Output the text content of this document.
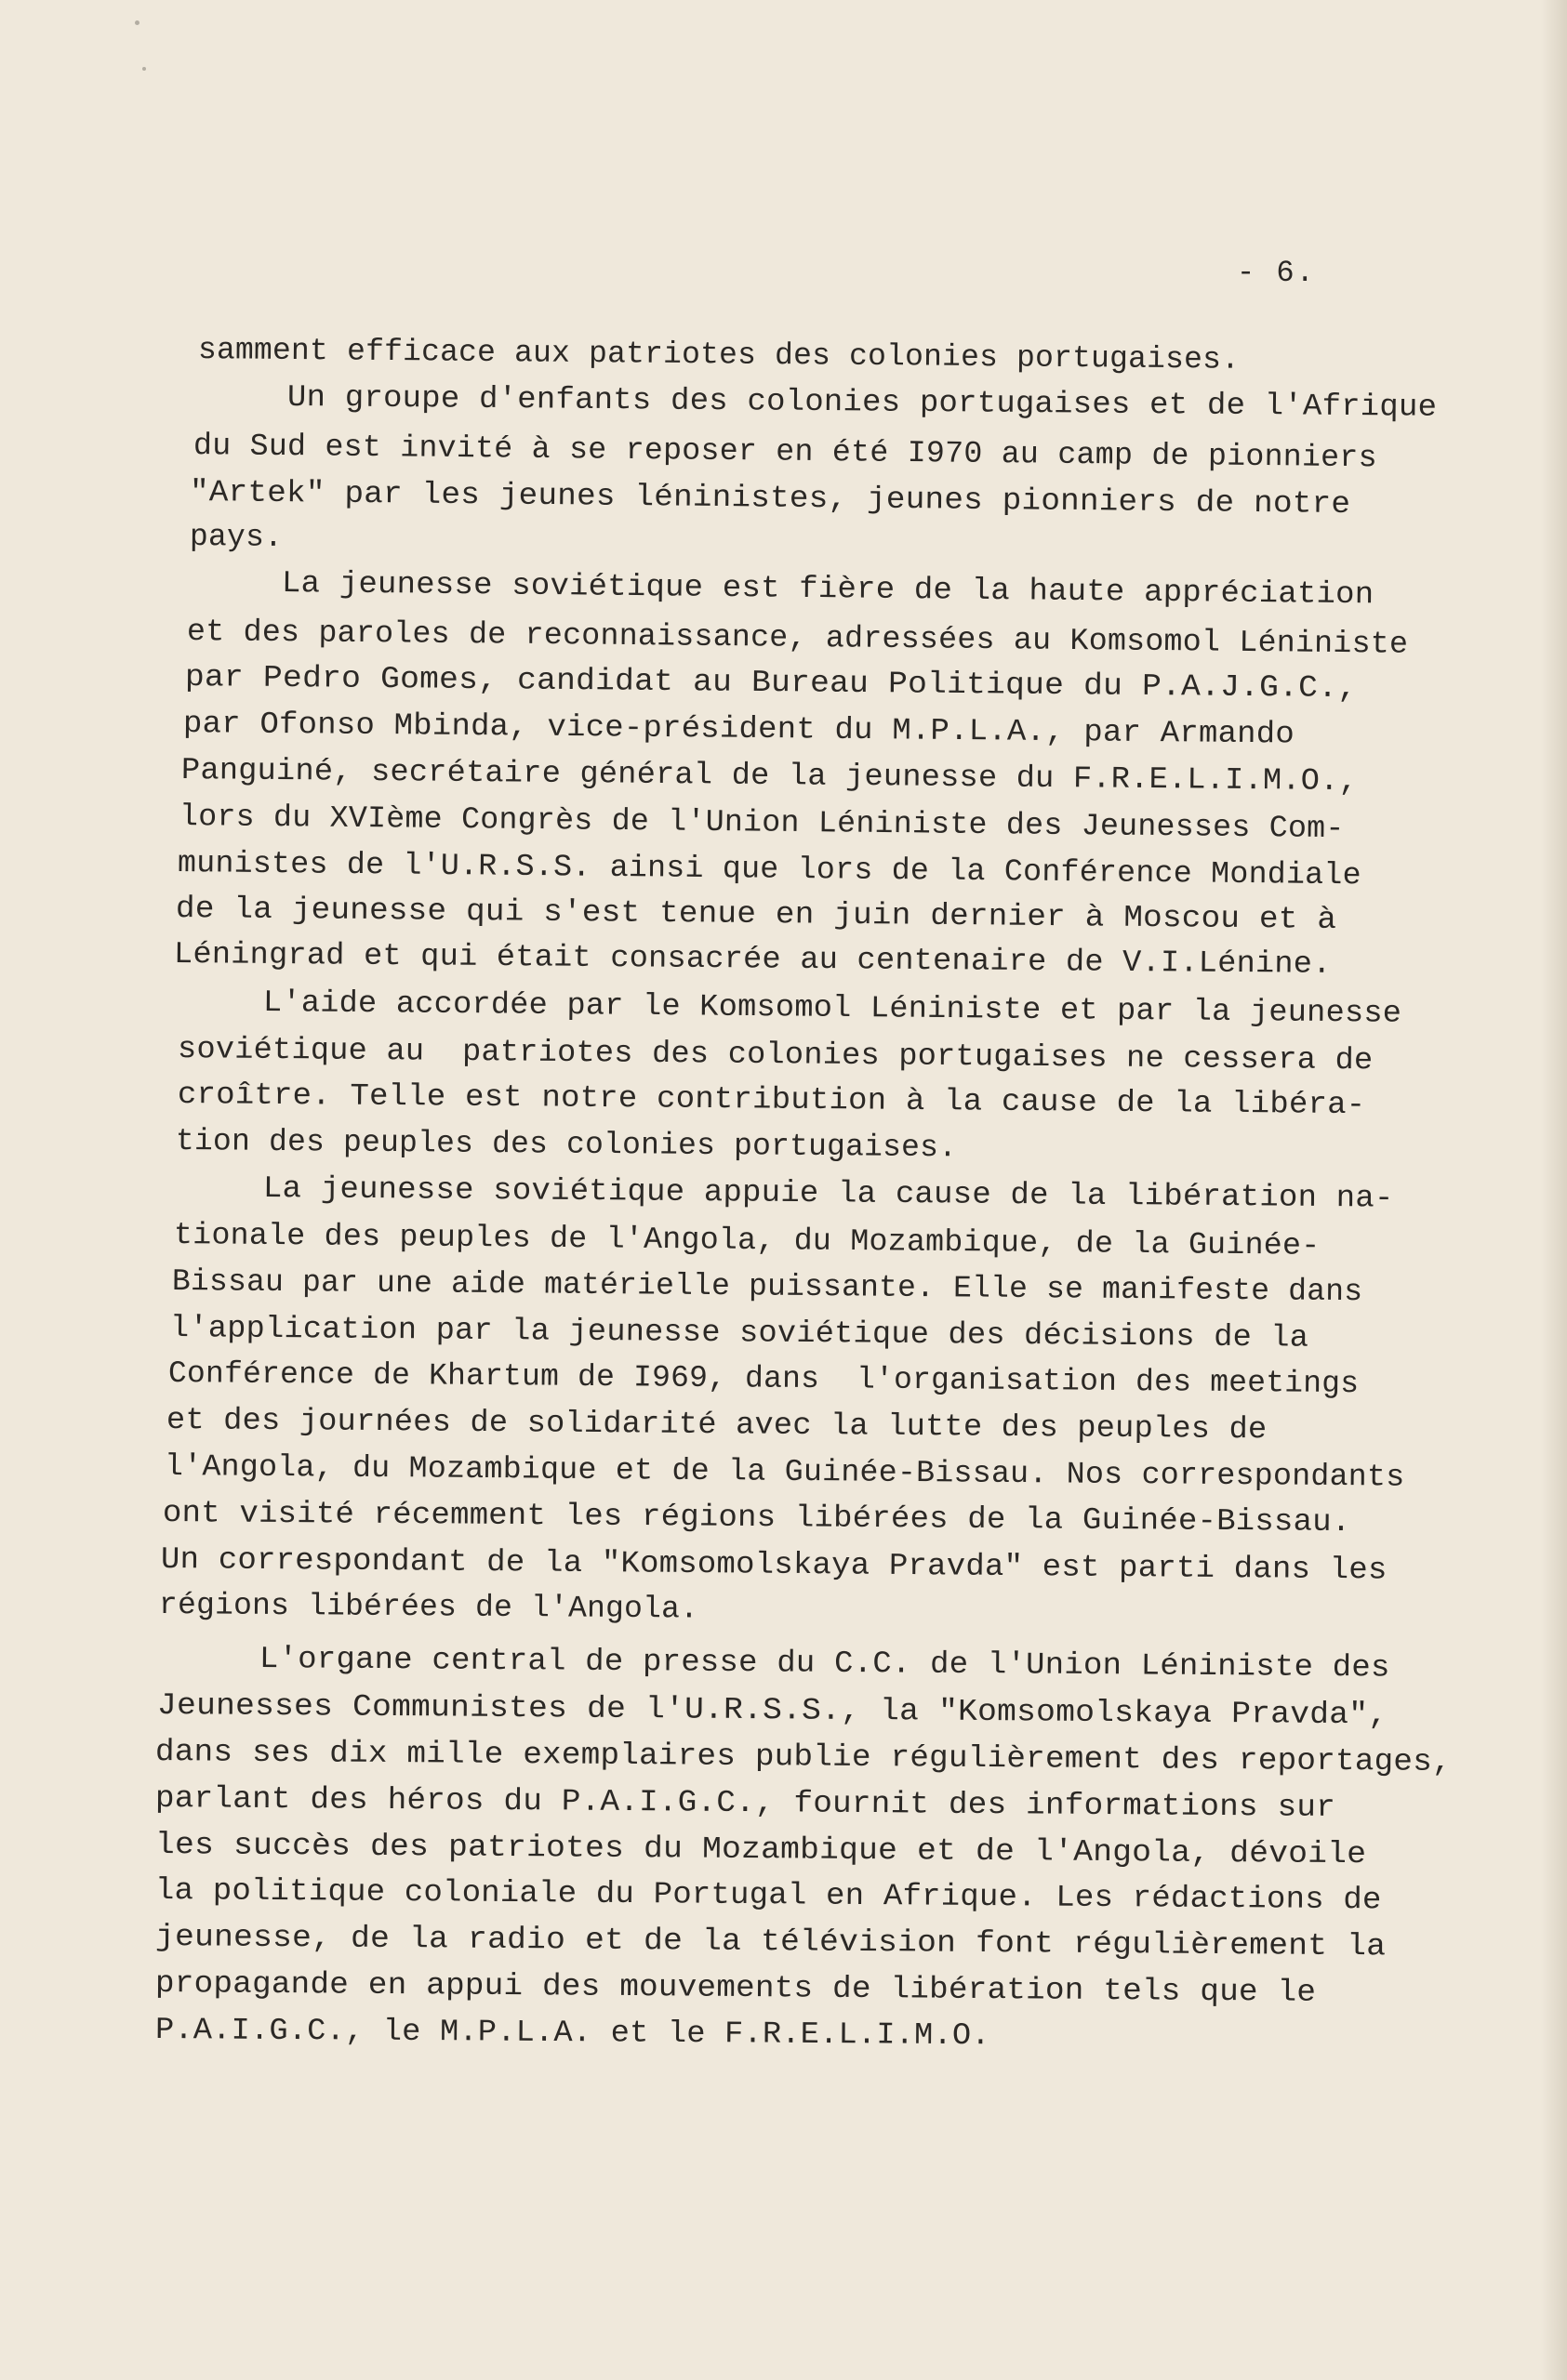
- 6.
samment efficace aux patriotes des colonies portugaises.
Un groupe d'enfants des colonies portugaises et de l'Afrique
du Sud est invité à se reposer en été I970 au camp de pionniers
"Artek" par les jeunes léninistes, jeunes pionniers de notre
pays.
La jeunesse soviétique est fière de la haute appréciation
et des paroles de reconnaissance, adressées au Komsomol Léniniste
par Pedro Gomes, candidat au Bureau Politique du P.A.J.G.C.,
par Ofonso Mbinda, vice-président du M.P.L.A., par Armando
Panguiné, secrétaire général de la jeunesse du F.R.E.L.I.M.O.,
lors du XVIème Congrès de l'Union Léniniste des Jeunesses Com-
munistes de l'U.R.S.S. ainsi que lors de la Conférence Mondiale
de la jeunesse qui s'est tenue en juin dernier à Moscou et à
Léningrad et qui était consacrée au centenaire de V.I.Lénine.
L'aide accordée par le Komsomol Léniniste et par la jeunesse
soviétique au  patriotes des colonies portugaises ne cessera de
croître. Telle est notre contribution à la cause de la libéra-
tion des peuples des colonies portugaises.
La jeunesse soviétique appuie la cause de la libération na-
tionale des peuples de l'Angola, du Mozambique, de la Guinée-
Bissau par une aide matérielle puissante. Elle se manifeste dans
l'application par la jeunesse soviétique des décisions de la
Conférence de Khartum de I969, dans  l'organisation des meetings
et des journées de solidarité avec la lutte des peuples de
l'Angola, du Mozambique et de la Guinée-Bissau. Nos correspondants
ont visité récemment les régions libérées de la Guinée-Bissau.
Un correspondant de la "Komsomolskaya Pravda" est parti dans les
régions libérées de l'Angola.
L'organe central de presse du C.C. de l'Union Léniniste des
Jeunesses Communistes de l'U.R.S.S., la "Komsomolskaya Pravda",
dans ses dix mille exemplaires publie régulièrement des reportages,
parlant des héros du P.A.I.G.C., fournit des informations sur
les succès des patriotes du Mozambique et de l'Angola, dévoile
la politique coloniale du Portugal en Afrique. Les rédactions de
jeunesse, de la radio et de la télévision font régulièrement la
propagande en appui des mouvements de libération tels que le
P.A.I.G.C., le M.P.L.A. et le F.R.E.L.I.M.O.
